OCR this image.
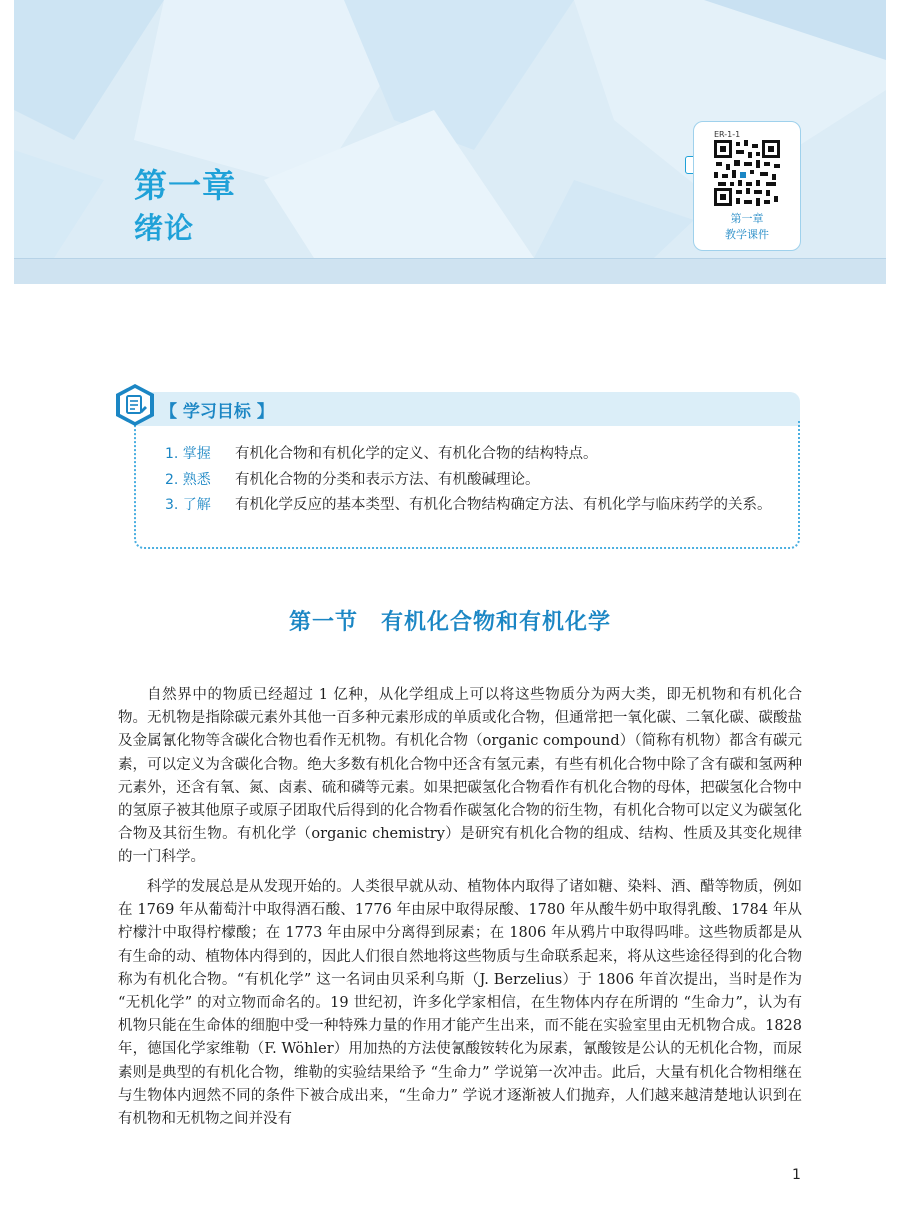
第一章
绪论
ER-1-1
第一章
教学课件
【 学习目标 】
1. 掌握 有机化合物和有机化学的定义、有机化合物的结构特点。
2. 熟悉 有机化合物的分类和表示方法、有机酸碱理论。
3. 了解 有机化学反应的基本类型、有机化合物结构确定方法、有机化学与临床药学的关系。
第一节　有机化合物和有机化学
自然界中的物质已经超过 1 亿种，从化学组成上可以将这些物质分为两大类，即无机物和有机化合物。无机物是指除碳元素外其他一百多种元素形成的单质或化合物，但通常把一氧化碳、二氧化碳、碳酸盐及金属氰化物等含碳化合物也看作无机物。有机化合物（organic compound）（简称有机物）都含有碳元素，可以定义为含碳化合物。绝大多数有机化合物中还含有氢元素，有些有机化合物中除了含有碳和氢两种元素外，还含有氧、氮、卤素、硫和磷等元素。如果把碳氢化合物看作有机化合物的母体，把碳氢化合物中的氢原子被其他原子或原子团取代后得到的化合物看作碳氢化合物的衍生物，有机化合物可以定义为碳氢化合物及其衍生物。有机化学（organic chemistry）是研究有机化合物的组成、结构、性质及其变化规律的一门科学。
科学的发展总是从发现开始的。人类很早就从动、植物体内取得了诸如糖、染料、酒、醋等物质，例如在 1769 年从葡萄汁中取得酒石酸、1776 年由尿中取得尿酸、1780 年从酸牛奶中取得乳酸、1784 年从柠檬汁中取得柠檬酸；在 1773 年由尿中分离得到尿素；在 1806 年从鸦片中取得吗啡。这些物质都是从有生命的动、植物体内得到的，因此人们很自然地将这些物质与生命联系起来，将从这些途径得到的化合物称为有机化合物。“有机化学” 这一名词由贝采利乌斯（J. Berzelius）于 1806 年首次提出，当时是作为 “无机化学” 的对立物而命名的。19 世纪初，许多化学家相信，在生物体内存在所谓的 “生命力”，认为有机物只能在生命体的细胞中受一种特殊力量的作用才能产生出来，而不能在实验室里由无机物合成。1828 年，德国化学家维勒（F. Wöhler）用加热的方法使氰酸铵转化为尿素，氰酸铵是公认的无机化合物，而尿素则是典型的有机化合物，维勒的实验结果给予 “生命力” 学说第一次冲击。此后，大量有机化合物相继在与生物体内迥然不同的条件下被合成出来，“生命力” 学说才逐渐被人们抛弃，人们越来越清楚地认识到在有机物和无机物之间并没有
1
